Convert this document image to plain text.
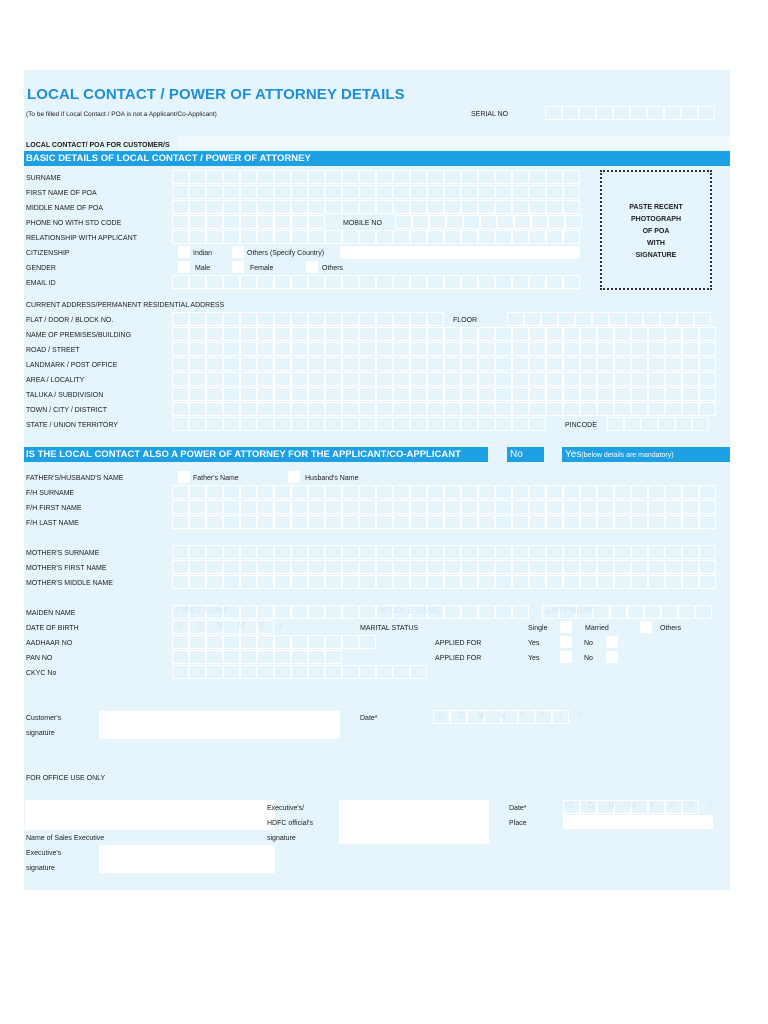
LOCAL CONTACT / POWER OF ATTORNEY DETAILS
(To be filled if Local Contact / POA is not a Applicant/Co-Applicant)	SERIAL NO
LOCAL CONTACT/ POA FOR CUSTOMER/S
BASIC DETAILS OF LOCAL CONTACT / POWER OF ATTORNEY
SURNAME
FIRST NAME OF POA
MIDDLE NAME OF POA
PHONE NO WITH STD CODE	MOBILE NO
RELATIONSHIP WITH APPLICANT
CITIZENSHIP	Indian	Others (Specify Country)
GENDER	Male	Female	Others
EMAIL ID
PASTE RECENT
PHOTOGRAPH
OF POA
WITH
SIGNATURE
CURRENT ADDRESS/PERMANENT RESIDENTIAL ADDRESS
FLAT / DOOR / BLOCK NO.	FLOOR
NAME OF PREMISES/BUILDING
ROAD / STREET
LANDMARK / POST OFFICE
AREA / LOCALITY
TALUKA / SUBDIVISION
TOWN / CITY / DISTRICT
STATE / UNION TERRITORY	PINCODE
IS THE LOCAL CONTACT ALSO A POWER OF ATTORNEY FOR THE APPLICANT/CO-APPLICANT	No	Yes(below details are mandatory)
FATHER'S/HUSBAND'S NAME	Father's Name	Husband's Name
F/H SURNAME
F/H FIRST NAME
F/H LAST NAME
MOTHER'S SURNAME
MOTHER'S FIRST NAME
MOTHER'S MIDDLE NAME
MAIDEN NAME	FIRST NAME	MIDDLE NAME	LAST NAME
DATE OF BIRTH	D D M M Y Y	MARITAL STATUS	Single	Married	Others
AADHAAR NO	APPLIED FOR	Yes	No
PAN NO	APPLIED FOR	Yes	No
CKYC No
Customer's
signature
Date*	D D M M Y Y Y Y
FOR OFFICE USE ONLY
Executive's/
HDFC official's
signature
Date*	D D M M Y Y Y Y
Place
Name of Sales Executive
Executive's
signature
